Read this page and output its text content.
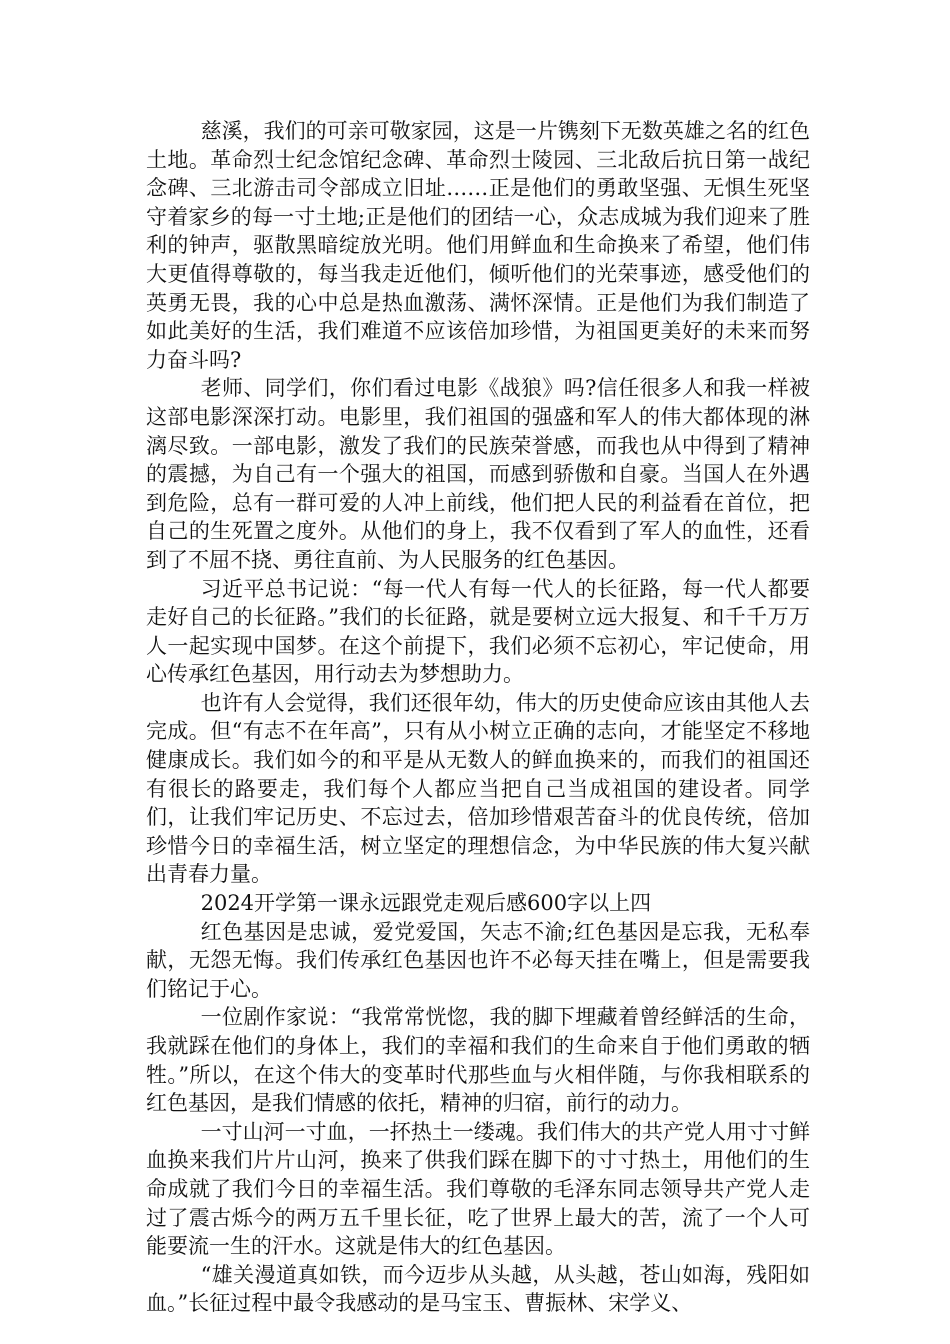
慈溪，我们的可亲可敬家园，这是一片镌刻下无数英雄之名的红色土地。革命烈士纪念馆纪念碑、革命烈士陵园、三北敌后抗日第一战纪念碑、三北游击司令部成立旧址……正是他们的勇敢坚强、无惧生死坚守着家乡的每一寸土地;正是他们的团结一心，众志成城为我们迎来了胜利的钟声，驱散黑暗绽放光明。他们用鲜血和生命换来了希望，他们伟大更值得尊敬的，每当我走近他们，倾听他们的光荣事迹，感受他们的英勇无畏，我的心中总是热血激荡、满怀深情。正是他们为我们制造了如此美好的生活，我们难道不应该倍加珍惜，为祖国更美好的未来而努力奋斗吗?

老师、同学们，你们看过电影《战狼》吗?信任很多人和我一样被这部电影深深打动。电影里，我们祖国的强盛和军人的伟大都体现的淋漓尽致。一部电影，激发了我们的民族荣誉感，而我也从中得到了精神的震撼，为自己有一个强大的祖国，而感到骄傲和自豪。当国人在外遇到危险，总有一群可爱的人冲上前线，他们把人民的利益看在首位，把自己的生死置之度外。从他们的身上，我不仅看到了军人的血性，还看到了不屈不挠、勇往直前、为人民服务的红色基因。

习近平总书记说：“每一代人有每一代人的长征路，每一代人都要走好自己的长征路。”我们的长征路，就是要树立远大报复、和千千万万人一起实现中国梦。在这个前提下，我们必须不忘初心，牢记使命，用心传承红色基因，用行动去为梦想助力。

也许有人会觉得，我们还很年幼，伟大的历史使命应该由其他人去完成。但“有志不在年高”，只有从小树立正确的志向，才能坚定不移地健康成长。我们如今的和平是从无数人的鲜血换来的，而我们的祖国还有很长的路要走，我们每个人都应当把自己当成祖国的建设者。同学们，让我们牢记历史、不忘过去，倍加珍惜艰苦奋斗的优良传统，倍加珍惜今日的幸福生活，树立坚定的理想信念，为中华民族的伟大复兴献出青春力量。

2024开学第一课永远跟党走观后感600字以上四

红色基因是忠诚，爱党爱国，矢志不渝;红色基因是忘我，无私奉献，无怨无悔。我们传承红色基因也许不必每天挂在嘴上，但是需要我们铭记于心。

一位剧作家说：“我常常恍惚，我的脚下埋藏着曾经鲜活的生命，我就踩在他们的身体上，我们的幸福和我们的生命来自于他们勇敢的牺牲。”所以，在这个伟大的变革时代那些血与火相伴随，与你我相联系的红色基因，是我们情感的依托，精神的归宿，前行的动力。

一寸山河一寸血，一抔热土一缕魂。我们伟大的共产党人用寸寸鲜血换来我们片片山河，换来了供我们踩在脚下的寸寸热土，用他们的生命成就了我们今日的幸福生活。我们尊敬的毛泽东同志领导共产党人走过了震古烁今的两万五千里长征，吃了世界上最大的苦，流了一个人可能要流一生的汗水。这就是伟大的红色基因。

“雄关漫道真如铁，而今迈步从头越，从头越，苍山如海，残阳如血。”长征过程中最令我感动的是马宝玉、曹振林、宋学义、
